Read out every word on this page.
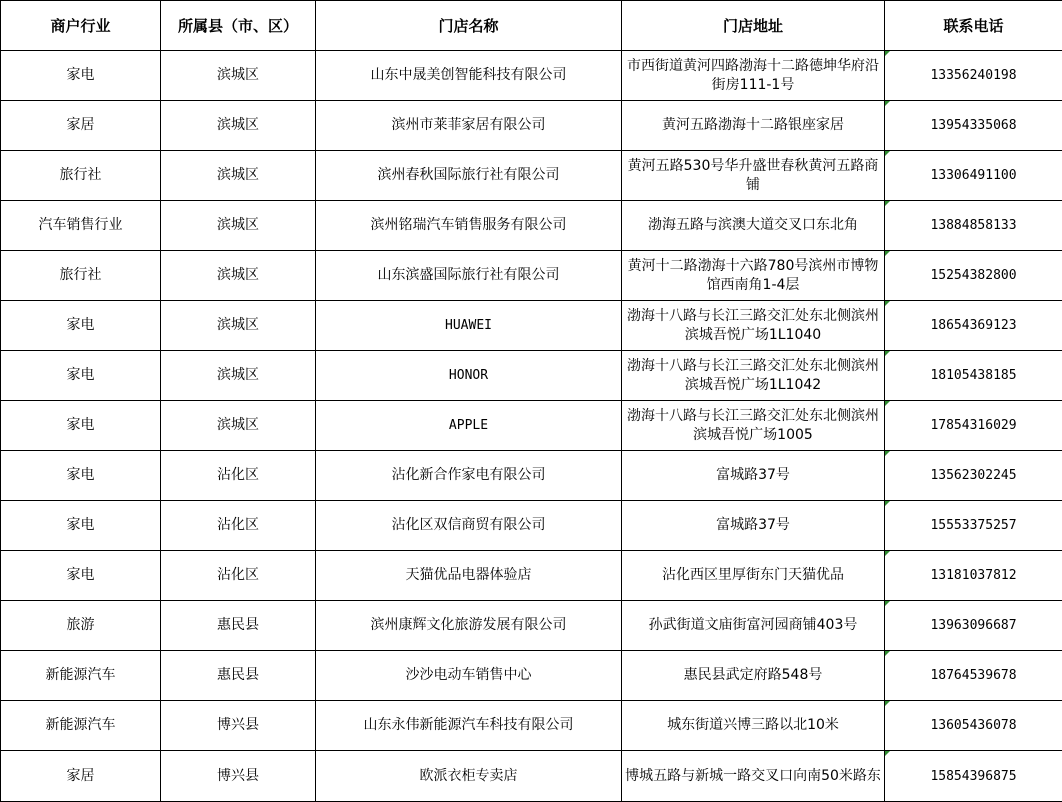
商户行业	所属县（市、区）	门店名称	门店地址	联系电话
家电	滨城区	山东中晟美创智能科技有限公司	市西街道黄河四路渤海十二路德坤华府沿街房111-1号	13356240198
家居	滨城区	滨州市莱菲家居有限公司	黄河五路渤海十二路银座家居	13954335068
旅行社	滨城区	滨州春秋国际旅行社有限公司	黄河五路530号华升盛世春秋黄河五路商铺	13306491100
汽车销售行业	滨城区	滨州铭瑞汽车销售服务有限公司	渤海五路与滨澳大道交叉口东北角	13884858133
旅行社	滨城区	山东滨盛国际旅行社有限公司	黄河十二路渤海十六路780号滨州市博物馆西南角1-4层	15254382800
家电	滨城区	HUAWEI	渤海十八路与长江三路交汇处东北侧滨州滨城吾悦广场1L1040	18654369123
家电	滨城区	HONOR	渤海十八路与长江三路交汇处东北侧滨州滨城吾悦广场1L1042	18105438185
家电	滨城区	APPLE	渤海十八路与长江三路交汇处东北侧滨州滨城吾悦广场1005	17854316029
家电	沾化区	沾化新合作家电有限公司	富城路37号	13562302245
家电	沾化区	沾化区双信商贸有限公司	富城路37号	15553375257
家电	沾化区	天猫优品电器体验店	沾化西区里厚街东门天猫优品	13181037812
旅游	惠民县	滨州康辉文化旅游发展有限公司	孙武街道文庙街富河园商铺403号	13963096687
新能源汽车	惠民县	沙沙电动车销售中心	惠民县武定府路548号	18764539678
新能源汽车	博兴县	山东永伟新能源汽车科技有限公司	城东街道兴博三路以北10米	13605436078
家居	博兴县	欧派衣柜专卖店	博城五路与新城一路交叉口向南50米路东	15854396875
